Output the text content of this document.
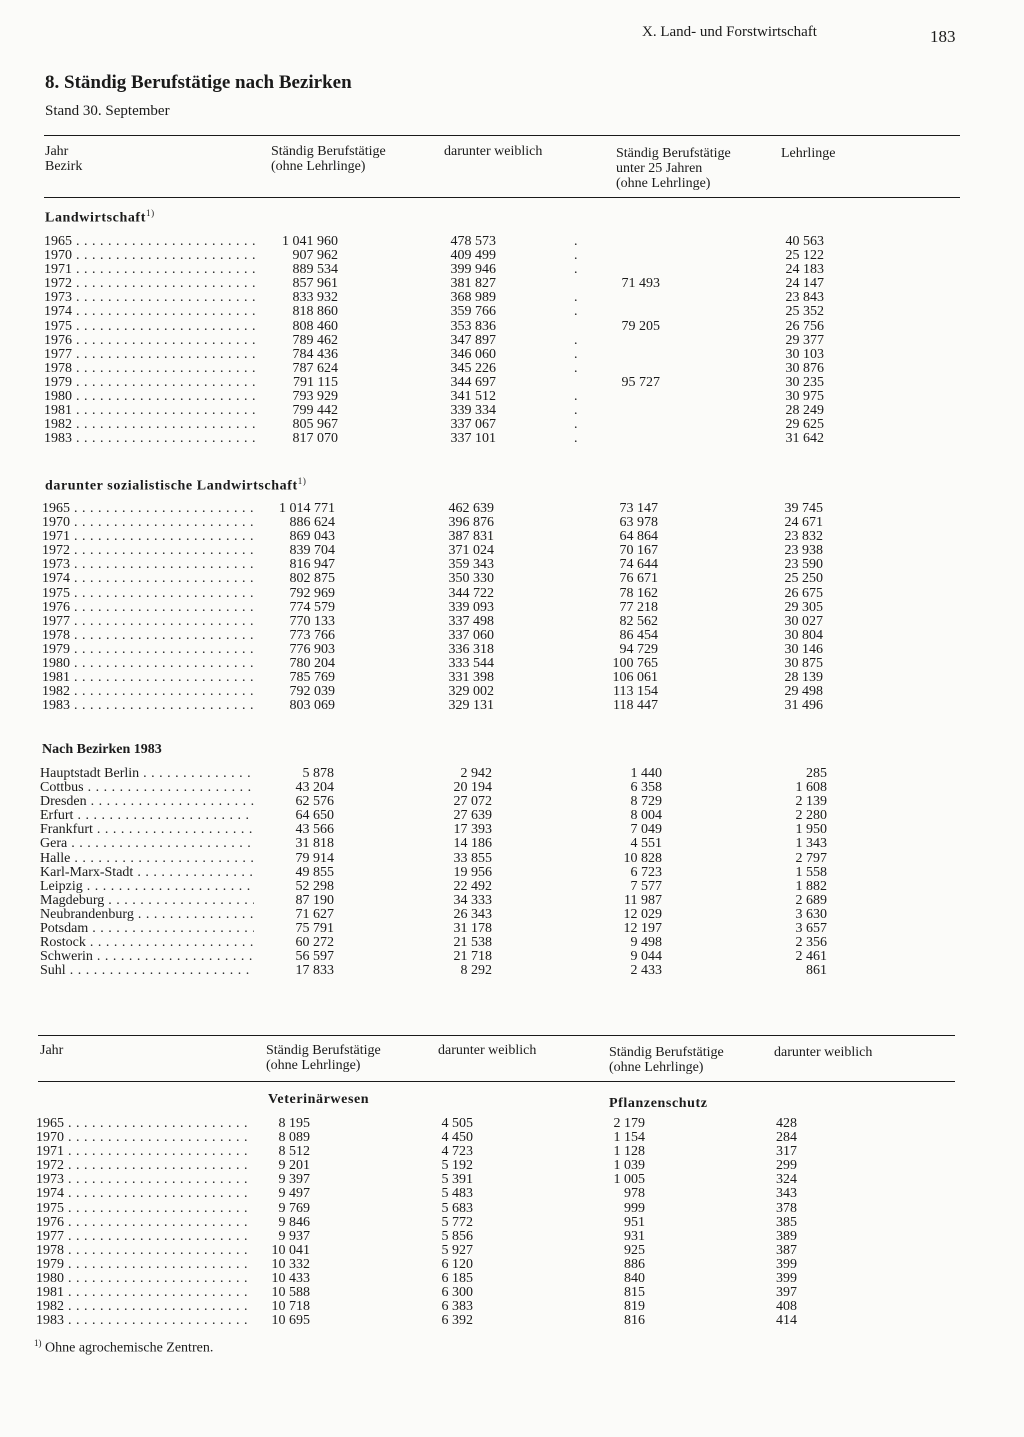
X. Land- und Forstwirtschaft	183
8. Ständig Berufstätige nach Bezirken
Stand 30. September
Jahr
Bezirk
Ständig Berufstätige
(ohne Lehrlinge)
darunter weiblich	Ständig Berufstätige
unter 25 Jahren
(ohne Lehrlinge)
Lehrlinge
Landwirtschaft$^{1)}$
1965 . . .	1 041 960	478 573	.	40 563
1970 . . .	907 962	409 499	.	25 122
1971 . . .	889 534	399 946	.	24 183
1972 . . .	857 961	381 827	71 493	24 147
1973 . . .	833 932	368 989	.	23 843
1974 . . .	818 860	359 766	.	25 352
1975 . . .	808 460	353 836	79 205	26 756
1976 . . .	789 462	347 897	.	29 377
1977 . . .	784 436	346 060	.	30 103
1978 . . .	787 624	345 226	.	30 876
1979 . . .	791 115	344 697	95 727	30 235
1980 . . .	793 929	341 512	.	30 975
1981 . . .	799 442	339 334	.	28 249
1982 . . .	805 967	337 067	.	29 625
1983 . . .	817 070	337 101	.	31 642
darunter sozialistische Landwirtschaft$^{1)}$
1965 . . .	1 014 771	462 639	73 147	39 745
1970 . . .	886 624	396 876	63 978	24 671
1971 . . .	869 043	387 831	64 864	23 832
1972 . . .	839 704	371 024	70 167	23 938
1973 . . .	816 947	359 343	74 644	23 590
1974 . . .	802 875	350 330	76 671	25 250
1975 . . .	792 969	344 722	78 162	26 675
1976 . . .	774 579	339 093	77 218	29 305
1977 . . .	770 133	337 498	82 562	30 027
1978 . . .	773 766	337 060	86 454	30 804
1979 . . .	776 903	336 318	94 729	30 146
1980 . . .	780 204	333 544	100 765	30 875
1981 . . .	785 769	331 398	106 061	28 139
1982 . . .	792 039	329 002	113 154	29 498
1983 . . .	803 069	329 131	118 447	31 496
Nach Bezirken 1983
Hauptstadt Berlin . . .	5 878	2 942	1 440	285
Cottbus . . .	43 204	20 194	6 358	1 608
Dresden . . .	62 576	27 072	8 729	2 139
Erfurt . . .	64 650	27 639	8 004	2 280
Frankfurt . . .	43 566	17 393	7 049	1 950
Gera . . .	31 818	14 186	4 551	1 343
Halle . . .	79 914	33 855	10 828	2 797
Karl-Marx-Stadt . . .	49 855	19 956	6 723	1 558
Leipzig . . .	52 298	22 492	7 577	1 882
Magdeburg . . .	87 190	34 333	11 987	2 689
Neubrandenburg . . .	71 627	26 343	12 029	3 630
Potsdam . . .	75 791	31 178	12 197	3 657
Rostock . . .	60 272	21 538	9 498	2 356
Schwerin . . .	56 597	21 718	9 044	2 461
Suhl . . .	17 833	8 292	2 433	861
Jahr	Ständig Berufstätige
(ohne Lehrlinge)
darunter weiblich	Ständig Berufstätige
(ohne Lehrlinge)
darunter weiblich
Veterinärwesen	Pflanzenschutz
1965 . . .	8 195	4 505	2 179	428
1970 . . .	8 089	4 450	1 154	284
1971 . . .	8 512	4 723	1 128	317
1972 . . .	9 201	5 192	1 039	299
1973 . . .	9 397	5 391	1 005	324
1974 . . .	9 497	5 483	978	343
1975 . . .	9 769	5 683	999	378
1976 . . .	9 846	5 772	951	385
1977 . . .	9 937	5 856	931	389
1978 . . .	10 041	5 927	925	387
1979 . . .	10 332	6 120	886	399
1980 . . .	10 433	6 185	840	399
1981 . . .	10 588	6 300	815	397
1982 . . .	10 718	6 383	819	408
1983 . . .	10 695	6 392	816	414
$^{1)}$ Ohne agrochemische Zentren.
